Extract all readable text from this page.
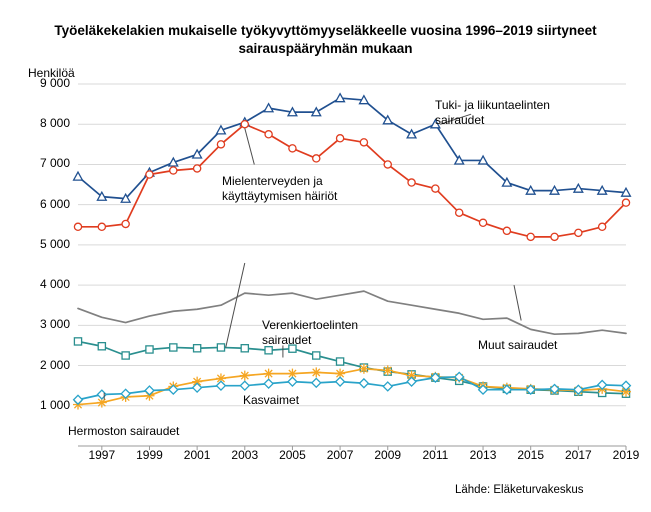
Työeläkekelakien mukaiselle työkyvyttömyyseläkkeelle vuosina 1996–2019 siirtyneet sairauspääryhmän mukaan
Henkilöä
1 000
2 000
3 000
4 000
5 000
6 000
7 000
8 000
9 000
1997 1999 2001 2003 2005 2007 2009 2011 2013 2015 2017 2019
Tuki- ja liikuntaelinten
sairaudet
Mielenterveyden ja
käyttäytymisen häiriöt
Verenkiertoelinten
sairaudet	Muut sairaudet
Kasvaimet
Hermoston sairaudet
Lähde: Eläketurvakeskus
